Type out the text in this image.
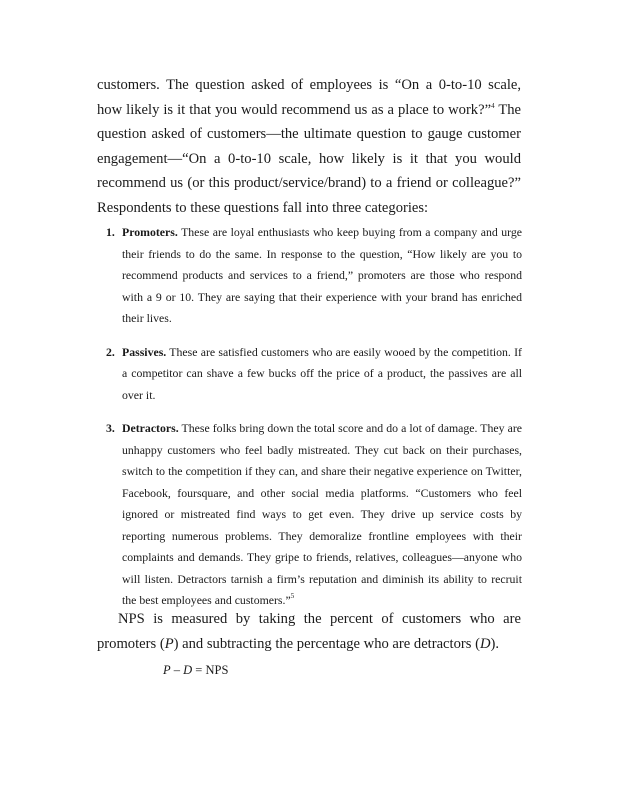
customers. The question asked of employees is “On a 0-to-10 scale, how likely is it that you would recommend us as a place to work?”$^4$ The question asked of customers—the ultimate question to gauge customer engagement—“On a 0-to-10 scale, how likely is it that you would recommend us (or this product/service/brand) to a friend or colleague?” Respondents to these questions fall into three categories:

1. Promoters. These are loyal enthusiasts who keep buying from a company and urge their friends to do the same. In response to the question, “How likely are you to recommend products and services to a friend,” promoters are those who respond with a 9 or 10. They are saying that their experience with your brand has enriched their lives.
2. Passives. These are satisfied customers who are easily wooed by the competition. If a competitor can shave a few bucks off the price of a product, the passives are all over it.
3. Detractors. These folks bring down the total score and do a lot of damage. They are unhappy customers who feel badly mistreated. They cut back on their purchases, switch to the competition if they can, and share their negative experience on Twitter, Facebook, foursquare, and other social media platforms. “Customers who feel ignored or mistreated find ways to get even. They drive up service costs by reporting numerous problems. They demoralize frontline employees with their complaints and demands. They gripe to friends, relatives, colleagues—anyone who will listen. Detractors tarnish a firm’s reputation and diminish its ability to recruit the best employees and customers.”$^5$

NPS is measured by taking the percent of customers who are promoters (P) and subtracting the percentage who are detractors (D).

P – D = NPS
